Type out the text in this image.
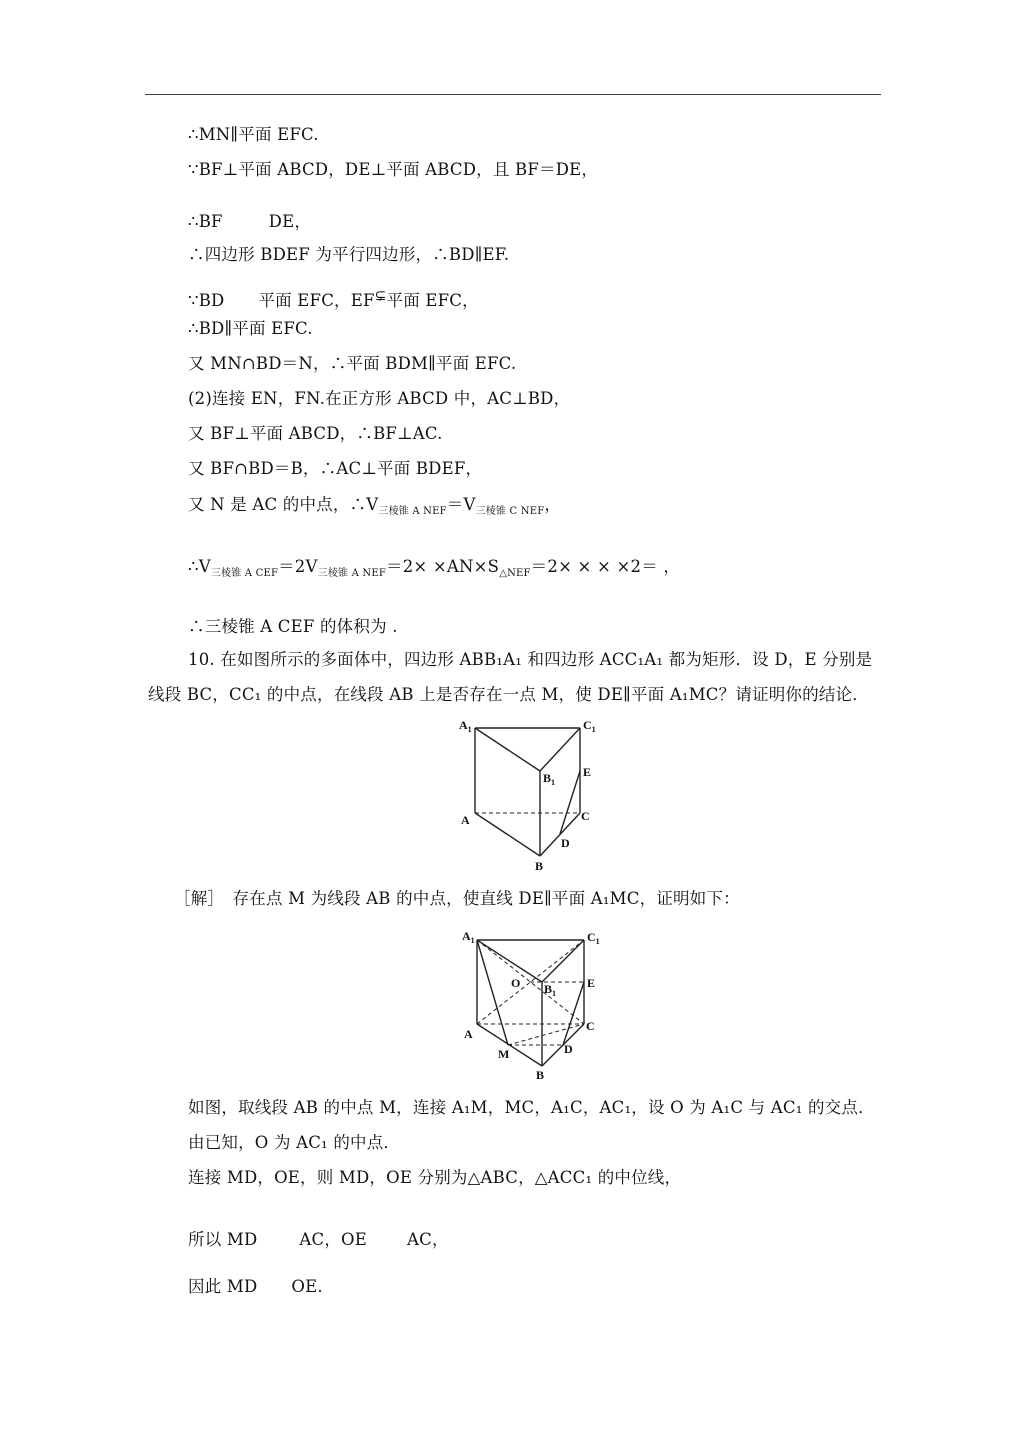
∴MN∥平面 EFC.
∵BF⊥平面 ABCD，DE⊥平面 ABCD，且 BF＝DE，
∴BF	DE，
∴四边形 BDEF 为平行四边形，∴BD∥EF.
∵BD 平面 EFC，EF⊊平面 EFC，
∴BD∥平面 EFC.
又 MN∩BD＝N，∴平面 BDM∥平面 EFC.
(2)连接 EN，FN.在正方形 ABCD 中，AC⊥BD，
又 BF⊥平面 ABCD，∴BF⊥AC.
又 BF∩BD＝B，∴AC⊥平面 BDEF，
又 N 是 AC 的中点，$\therefore V_{三棱锥 A NEF}=V_{三棱锥 C NEF}$，
$\therefore V_{三棱锥 A CEF}=2V_{三棱锥 A NEF}=2\times \times AN\times S_{\triangle NEF}=2\times$ × × ×2＝ ，
∴三棱锥 A CEF 的体积为 .
10. 在如图所示的多面体中，四边形 ABB₁A₁ 和四边形 ACC₁A₁ 都为矩形．设 D，E 分别是
线段 BC，CC₁ 的中点，在线段 AB 上是否存在一点 M，使 DE∥平面 A₁MC？请证明你的结论．
$A_1$	$C_1$
$B_1$
E
C
A
D
B
［解］　存在点 M 为线段 AB 的中点，使直线 DE∥平面 A₁MC，证明如下：
$A_1$	$C_1$
O $B_1$
E
A
C
M	D
B
如图，取线段 AB 的中点 M，连接 A₁M，MC，A₁C，AC₁，设 O 为 A₁C 与 AC₁ 的交点．
由已知，O 为 AC₁ 的中点．
连接 MD，OE，则 MD，OE 分别为△ABC，△ACC₁ 的中位线，
所以 MD	AC，OE AC，
因此 MD OE.
